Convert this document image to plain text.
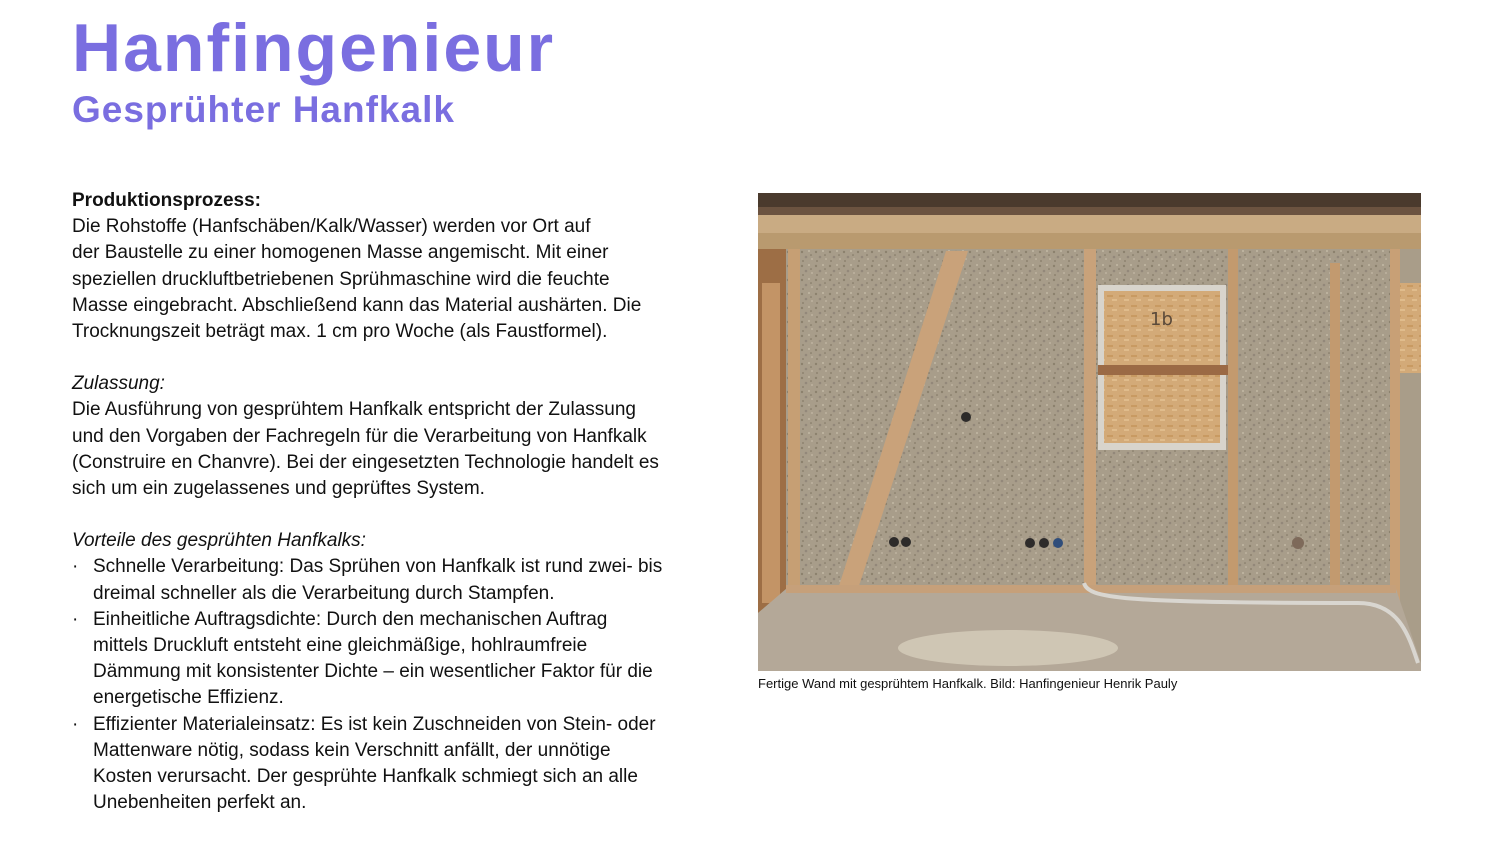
Hanfingenieur
Gesprühter Hanfkalk

Produktionsprozess:

Die Rohstoffe (Hanfschäben/Kalk/Wasser) werden vor Ort auf

der Baustelle zu einer homogenen Masse angemischt. Mit einer

speziellen druckluftbetriebenen Sprühmaschine wird die feuchte

Masse eingebracht. Abschließend kann das Material aushärten. Die

Trocknungszeit beträgt max. 1 cm pro Woche (als Faustformel).

Zulassung:

Die Ausführung von gesprühtem Hanfkalk entspricht der Zulassung

und den Vorgaben der Fachregeln für die Verarbeitung von Hanfkalk

(Construire en Chanvre). Bei der eingesetzten Technologie handelt es

sich um ein zugelassenes und geprüftes System.

Vorteile des gesprühten Hanfkalks:

· Schnelle Verarbeitung: Das Sprühen von Hanfkalk ist rund zwei- bis
dreimal schneller als die Verarbeitung durch Stampfen.
· Einheitliche Auftragsdichte: Durch den mechanischen Auftrag
mittels Druckluft entsteht eine gleichmäßige, hohlraumfreie
Dämmung mit konsistenter Dichte – ein wesentlicher Faktor für die
energetische Effizienz.
· Effizienter Materialeinsatz: Es ist kein Zuschneiden von Stein- oder
Mattenware nötig, sodass kein Verschnitt anfällt, der unnötige
Kosten verursacht. Der gesprühte Hanfkalk schmiegt sich an alle
Unebenheiten perfekt an.
1b

Fertige Wand mit gesprühtem Hanfkalk. Bild: Hanfingenieur Henrik Pauly
